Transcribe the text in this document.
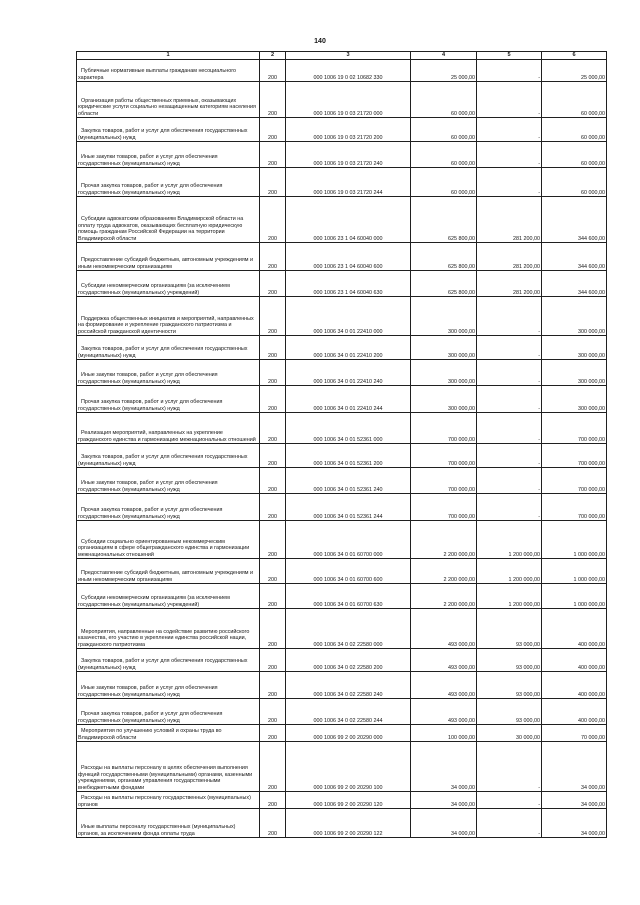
140
1	2	3	4	5	6
Публичные нормативные выплаты гражданам несоциального характера	200	000 1006 19 0 02 10682 330	25 000,00	-	25 000,00
Организация работы общественных приемных, оказывающих юридические услуги социально незащищенным категориям населения области	200	000 1006 19 0 03 21720 000	60 000,00	-	60 000,00
Закупка товаров, работ и услуг для обеспечения государственных (муниципальных) нужд	200	000 1006 19 0 03 21720 200	60 000,00	-	60 000,00
Иные закупки товаров, работ и услуг для обеспечения государственных (муниципальных) нужд	200	000 1006 19 0 03 21720 240	60 000,00	-	60 000,00
Прочая закупка товаров, работ и услуг для обеспечения государственных (муниципальных) нужд	200	000 1006 19 0 03 21720 244	60 000,00	-	60 000,00
Субсидии адвокатским образованиям Владимирской области на оплату труда адвокатов, оказывающих бесплатную юридическую помощь гражданам Российской Федерации на территории Владимирской области	200	000 1006 23 1 04 60040 000	625 800,00	281 200,00	344 600,00
Предоставление субсидий бюджетным, автономным учреждениям и иным некоммерческим организациям	200	000 1006 23 1 04 60040 600	625 800,00	281 200,00	344 600,00
Субсидии некоммерческим организациям (за исключением государственных (муниципальных) учреждений)	200	000 1006 23 1 04 60040 630	625 800,00	281 200,00	344 600,00
Поддержка общественных инициатив и мероприятий, направленных на формирование и укрепление гражданского патриотизма и российской гражданской идентичности	200	000 1006 34 0 01 22410 000	300 000,00	-	300 000,00
Закупка товаров, работ и услуг для обеспечения государственных (муниципальных) нужд	200	000 1006 34 0 01 22410 200	300 000,00	-	300 000,00
Иные закупки товаров, работ и услуг для обеспечения государственных (муниципальных) нужд	200	000 1006 34 0 01 22410 240	300 000,00	-	300 000,00
Прочая закупка товаров, работ и услуг для обеспечения государственных (муниципальных) нужд	200	000 1006 34 0 01 22410 244	300 000,00	-	300 000,00
Реализация мероприятий, направленных на укрепление гражданского единства и гармонизацию межнациональных отношений	200	000 1006 34 0 01 52361 000	700 000,00	-	700 000,00
Закупка товаров, работ и услуг для обеспечения государственных (муниципальных) нужд	200	000 1006 34 0 01 52361 200	700 000,00	-	700 000,00
Иные закупки товаров, работ и услуг для обеспечения государственных (муниципальных) нужд	200	000 1006 34 0 01 52361 240	700 000,00	-	700 000,00
Прочая закупка товаров, работ и услуг для обеспечения государственных (муниципальных) нужд	200	000 1006 34 0 01 52361 244	700 000,00	-	700 000,00
Субсидии социально ориентированным некоммерческим организациям в сфере общегражданского единства и гармонизации межнациональных отношений	200	000 1006 34 0 01 60700 000	2 200 000,00	1 200 000,00	1 000 000,00
Предоставление субсидий бюджетным, автономным учреждениям и иным некоммерческим организациям	200	000 1006 34 0 01 60700 600	2 200 000,00	1 200 000,00	1 000 000,00
Субсидии некоммерческим организациям (за исключением государственных (муниципальных) учреждений)	200	000 1006 34 0 01 60700 630	2 200 000,00	1 200 000,00	1 000 000,00
Мероприятия, направленные на содействие развитию российского казачества, его участию в укреплении единства российской нации, гражданского патриотизма	200	000 1006 34 0 02 22580 000	493 000,00	93 000,00	400 000,00
Закупка товаров, работ и услуг для обеспечения государственных (муниципальных) нужд	200	000 1006 34 0 02 22580 200	493 000,00	93 000,00	400 000,00
Иные закупки товаров, работ и услуг для обеспечения государственных (муниципальных) нужд	200	000 1006 34 0 02 22580 240	493 000,00	93 000,00	400 000,00
Прочая закупка товаров, работ и услуг для обеспечения государственных (муниципальных) нужд	200	000 1006 34 0 02 22580 244	493 000,00	93 000,00	400 000,00
Мероприятия по улучшению условий и охраны труда во Владимирской области	200	000 1006 99 2 00 20290 000	100 000,00	30 000,00	70 000,00
Расходы на выплаты персоналу в целях обеспечения выполнения функций государственными (муниципальными) органами, казенными учреждениями, органами управления государственными внебюджетными фондами	200	000 1006 99 2 00 20290 100	34 000,00	-	34 000,00
Расходы на выплаты персоналу государственных (муниципальных) органов	200	000 1006 99 2 00 20290 120	34 000,00	-	34 000,00
Иные выплаты персоналу государственных (муниципальных) органов, за исключением фонда оплаты труда	200	000 1006 99 2 00 20290 122	34 000,00	-	34 000,00
